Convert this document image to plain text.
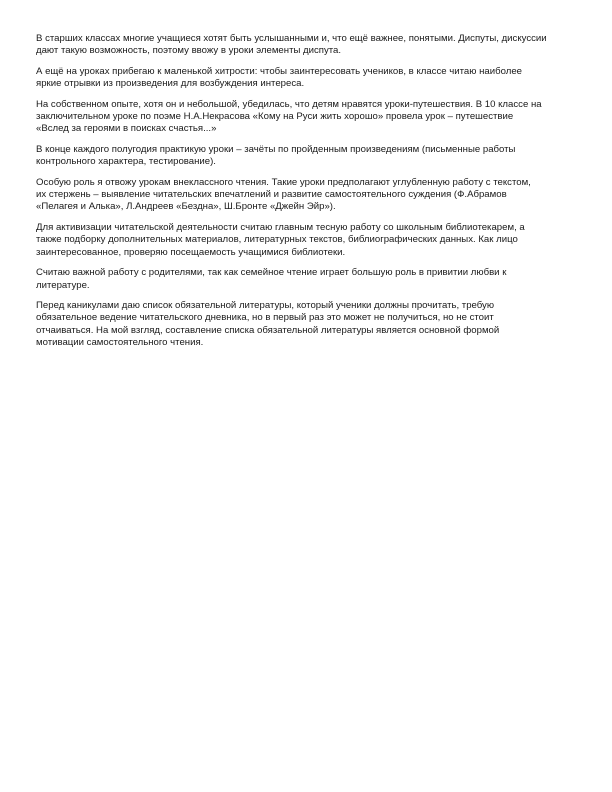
В старших классах многие учащиеся хотят быть услышанными и, что ещё важнее, понятыми. Диспуты, дискуссии
дают такую возможность, поэтому ввожу в уроки элементы диспута.

А ещё на уроках прибегаю к маленькой хитрости: чтобы заинтересовать учеников, в классе читаю наиболее
яркие отрывки из произведения для возбуждения интереса.

На собственном опыте, хотя он и небольшой, убедилась, что детям нравятся уроки-путешествия. В 10 классе на
заключительном уроке по поэме Н.А.Некрасова «Кому на Руси жить хорошо» провела урок – путешествие
«Вслед за героями в поисках счастья...»

В конце каждого полугодия практикую уроки – зачёты по пройденным произведениям (письменные работы
контрольного характера, тестирование).

Особую роль я отвожу урокам внеклассного чтения. Такие уроки предполагают углубленную работу с текстом,
их стержень – выявление читательских впечатлений и развитие самостоятельного суждения (Ф.Абрамов
«Пелагея и Алька», Л.Андреев «Бездна», Ш.Бронте «Джейн Эйр»).

Для активизации читательской деятельности считаю главным тесную работу со школьным библиотекарем, а
также подборку дополнительных материалов, литературных текстов, библиографических данных. Как лицо
заинтересованное, проверяю посещаемость учащимися библиотеки.

Считаю важной работу с родителями, так как семейное чтение играет большую роль в привитии любви к
литературе.

Перед каникулами даю список обязательной литературы, который ученики должны прочитать, требую
обязательное ведение читательского дневника, но в первый раз это может не получиться, но не стоит
отчаиваться. На мой взгляд, составление списка обязательной литературы является основной формой
мотивации самостоятельного чтения.
